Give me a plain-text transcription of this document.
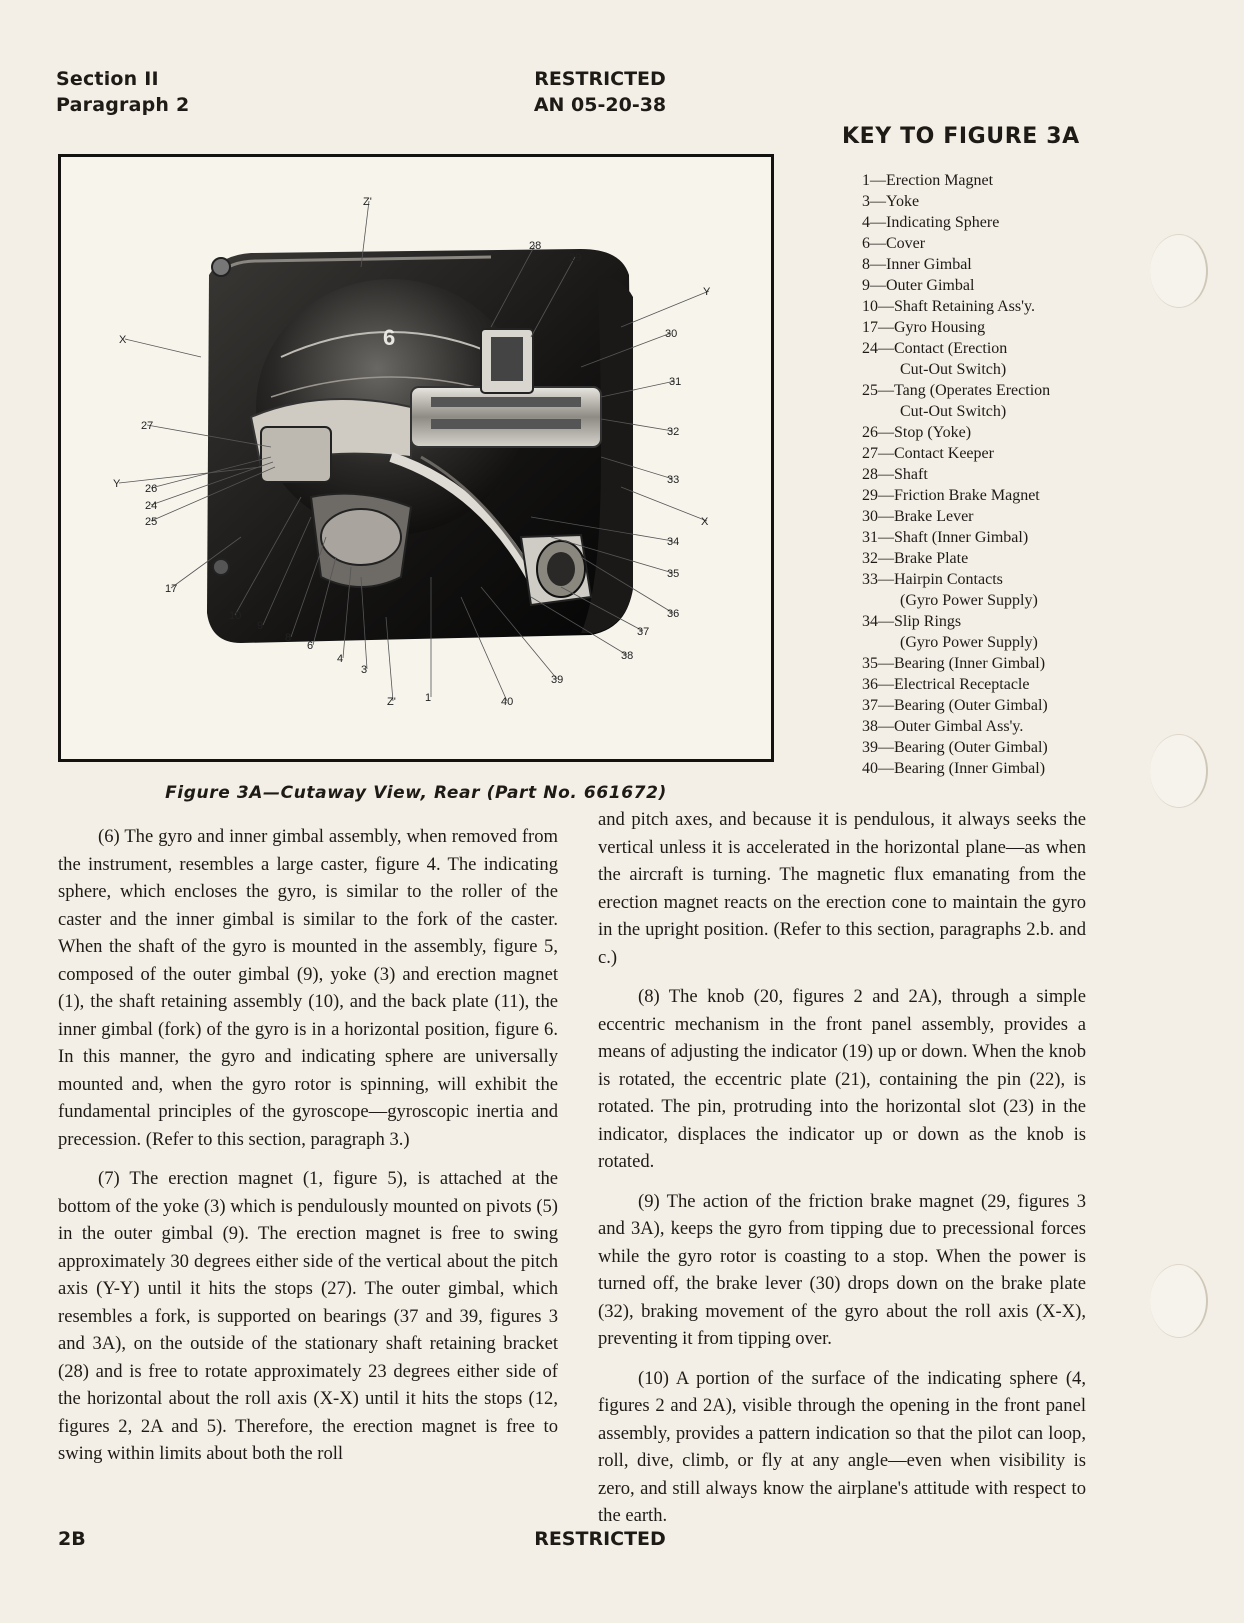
Section II
Paragraph 2
RESTRICTED
AN 05-20-38
KEY TO FIGURE 3A
6
Z'
28
29
Y
X	30
31
32
27
33
Y 26
24
25	X
34
17
35
10
9
8
36
6
37
4	38
3
39
Z'	1	40
Figure 3A—Cutaway View, Rear (Part No. 661672)
1—Erection Magnet
3—Yoke
4—Indicating Sphere
6—Cover
8—Inner Gimbal
9—Outer Gimbal
10—Shaft Retaining Ass'y.
17—Gyro Housing
24—Contact (Erection
Cut-Out Switch)
25—Tang (Operates Erection
Cut-Out Switch)
26—Stop (Yoke)
27—Contact Keeper
28—Shaft
29—Friction Brake Magnet
30—Brake Lever
31—Shaft (Inner Gimbal)
32—Brake Plate
33—Hairpin Contacts
(Gyro Power Supply)
34—Slip Rings
(Gyro Power Supply)
35—Bearing (Inner Gimbal)
36—Electrical Receptacle
37—Bearing (Outer Gimbal)
38—Outer Gimbal Ass'y.
39—Bearing (Outer Gimbal)
40—Bearing (Inner Gimbal)

(6) The gyro and inner gimbal assembly, when removed from the instrument, resembles a large caster, figure 4. The indicating sphere, which encloses the gyro, is similar to the roller of the caster and the inner gimbal is similar to the fork of the caster. When the shaft of the gyro is mounted in the assembly, figure 5, composed of the outer gimbal (9), yoke (3) and erection magnet (1), the shaft retaining assembly (10), and the back plate (11), the inner gimbal (fork) of the gyro is in a horizontal position, figure 6. In this manner, the gyro and indicating sphere are universally mounted and, when the gyro rotor is spinning, will exhibit the fundamental principles of the gyroscope—gyroscopic inertia and precession. (Refer to this section, paragraph 3.)

(7) The erection magnet (1, figure 5), is attached at the bottom of the yoke (3) which is pendulously mounted on pivots (5) in the outer gimbal (9). The erection magnet is free to swing approximately 30 degrees either side of the vertical about the pitch axis (Y-Y) until it hits the stops (27). The outer gimbal, which resembles a fork, is supported on bearings (37 and 39, figures 3 and 3A), on the outside of the stationary shaft retaining bracket (28) and is free to rotate approximately 23 degrees either side of the horizontal about the roll axis (X-X) until it hits the stops (12, figures 2, 2A and 5). Therefore, the erection magnet is free to swing within limits about both the roll

and pitch axes, and because it is pendulous, it always seeks the vertical unless it is accelerated in the horizontal plane—as when the aircraft is turning. The magnetic flux emanating from the erection magnet reacts on the erection cone to maintain the gyro in the upright position. (Refer to this section, paragraphs 2.b. and c.)

(8) The knob (20, figures 2 and 2A), through a simple eccentric mechanism in the front panel assembly, provides a means of adjusting the indicator (19) up or down. When the knob is rotated, the eccentric plate (21), containing the pin (22), is rotated. The pin, protruding into the horizontal slot (23) in the indicator, displaces the indicator up or down as the knob is rotated.

(9) The action of the friction brake magnet (29, figures 3 and 3A), keeps the gyro from tipping due to precessional forces while the gyro rotor is coasting to a stop. When the power is turned off, the brake lever (30) drops down on the brake plate (32), braking movement of the gyro about the roll axis (X-X), preventing it from tipping over.

(10) A portion of the surface of the indicating sphere (4, figures 2 and 2A), visible through the opening in the front panel assembly, provides a pattern indication so that the pilot can loop, roll, dive, climb, or fly at any angle—even when visibility is zero, and still always know the airplane's attitude with respect to the earth.

2B	RESTRICTED
